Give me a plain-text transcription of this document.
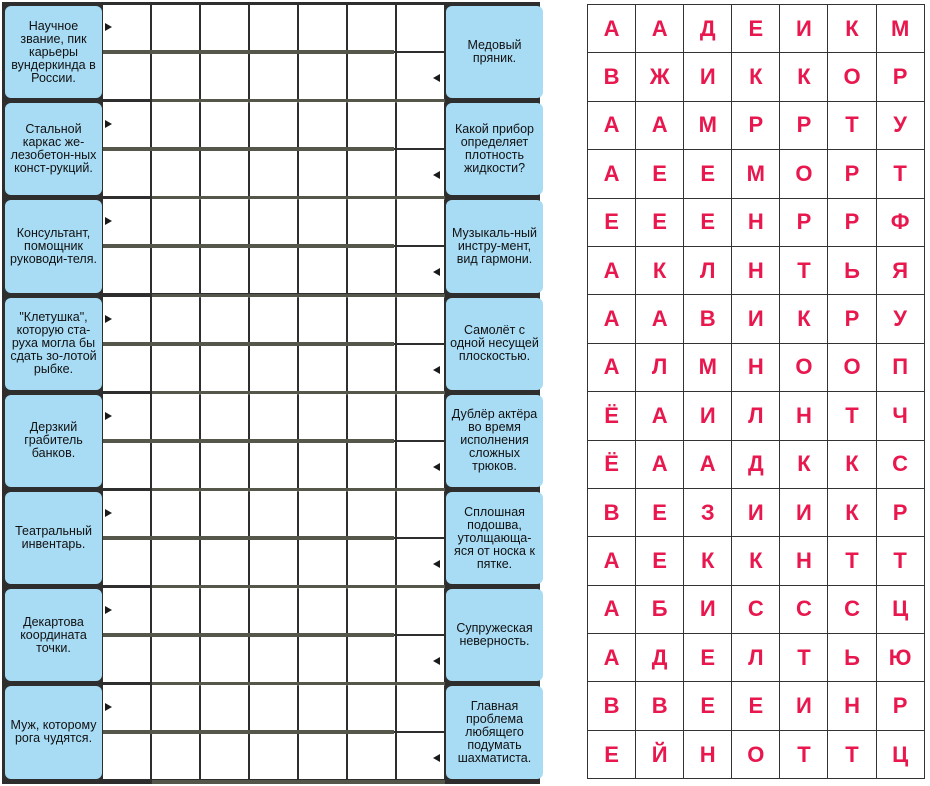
Научное звание, пик карьеры вундеркинда в России.
Медовый пряник.
Стальной каркас же-лезобетон-ных конст-рукций.
Какой прибор определяет плотность жидкости?
Консультант, помощник руководи-теля.
Музыкаль-ный инстру-мент, вид гармони.
"Клетушка", которую ста-руха могла бы сдать зо-лотой рыбке.
Самолёт с одной несущей плоскостью.
Дерзкий грабитель банков.
Дублёр актёра во время исполнения сложных трюков.
Театральный инвентарь.
Сплошная подошва, утолщающа-яся от носка к пятке.
Декартова координата точки.
Супружеская неверность.
Муж, которому рога чудятся.
Главная проблема любящего подумать шахматиста.
А	А	Д	Е	И	К	М
В	Ж	И	К	К	О	Р
А	А	М	Р	Р	Т	У
А	Е	Е	М	О	Р	Т
Е	Е	Е	Н	Р	Р	Ф
А	К	Л	Н	Т	Ь	Я
А	А	В	И	К	Р	У
А	Л	М	Н	О	О	П
Ё	А	И	Л	Н	Т	Ч
Ё	А	А	Д	К	К	С
В	Е	З	И	И	К	Р
А	Е	К	К	Н	Т	Т
А	Б	И	С	С	С	Ц
А	Д	Е	Л	Т	Ь	Ю
В	В	Е	Е	И	Н	Р
Е	Й	Н	О	Т	Т	Ц
